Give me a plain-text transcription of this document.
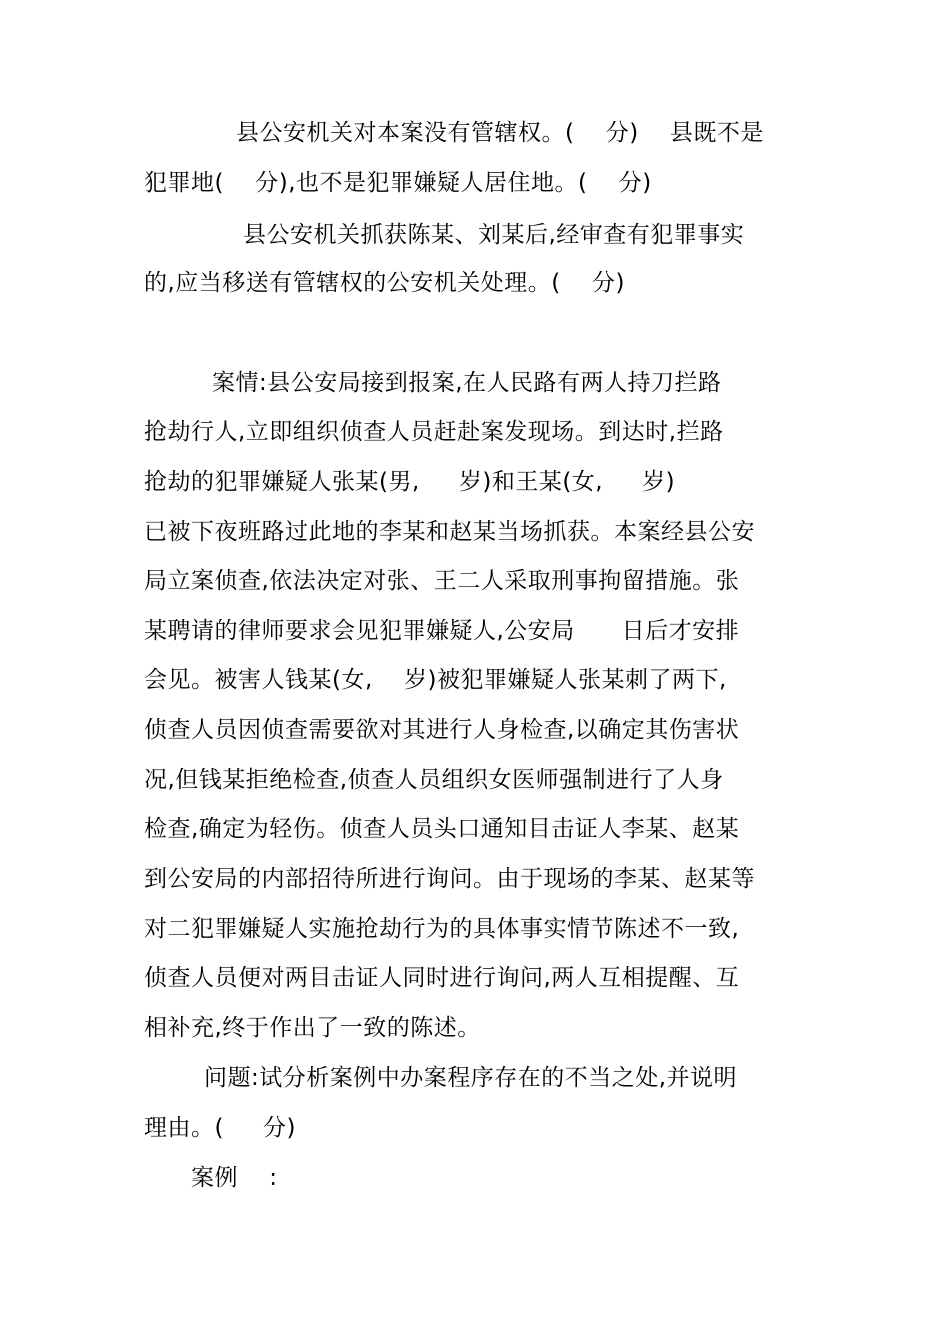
县公安机关对本案没有管辖权。(    分)    县既不是
犯罪地(    分),也不是犯罪嫌疑人居住地。(    分)
县公安机关抓获陈某、刘某后,经审查有犯罪事实
的,应当移送有管辖权的公安机关处理。(    分)
案情:县公安局接到报案,在人民路有两人持刀拦路
抢劫行人,立即组织侦查人员赶赴案发现场。到达时,拦路
抢劫的犯罪嫌疑人张某(男,     岁)和王某(女,     岁)
已被下夜班路过此地的李某和赵某当场抓获。本案经县公安
局立案侦查,依法决定对张、王二人采取刑事拘留措施。张
某聘请的律师要求会见犯罪嫌疑人,公安局      日后才安排
会见。被害人钱某(女,    岁)被犯罪嫌疑人张某刺了两下,
侦查人员因侦查需要欲对其进行人身检查,以确定其伤害状
况,但钱某拒绝检查,侦查人员组织女医师强制进行了人身
检查,确定为轻伤。侦查人员头口通知目击证人李某、赵某
到公安局的内部招待所进行询问。由于现场的李某、赵某等
对二犯罪嫌疑人实施抢劫行为的具体事实情节陈述不一致,
侦查人员便对两目击证人同时进行询问,两人互相提醒、互
相补充,终于作出了一致的陈述。
问题:试分析案例中办案程序存在的不当之处,并说明
理由。(     分)
案例    :
